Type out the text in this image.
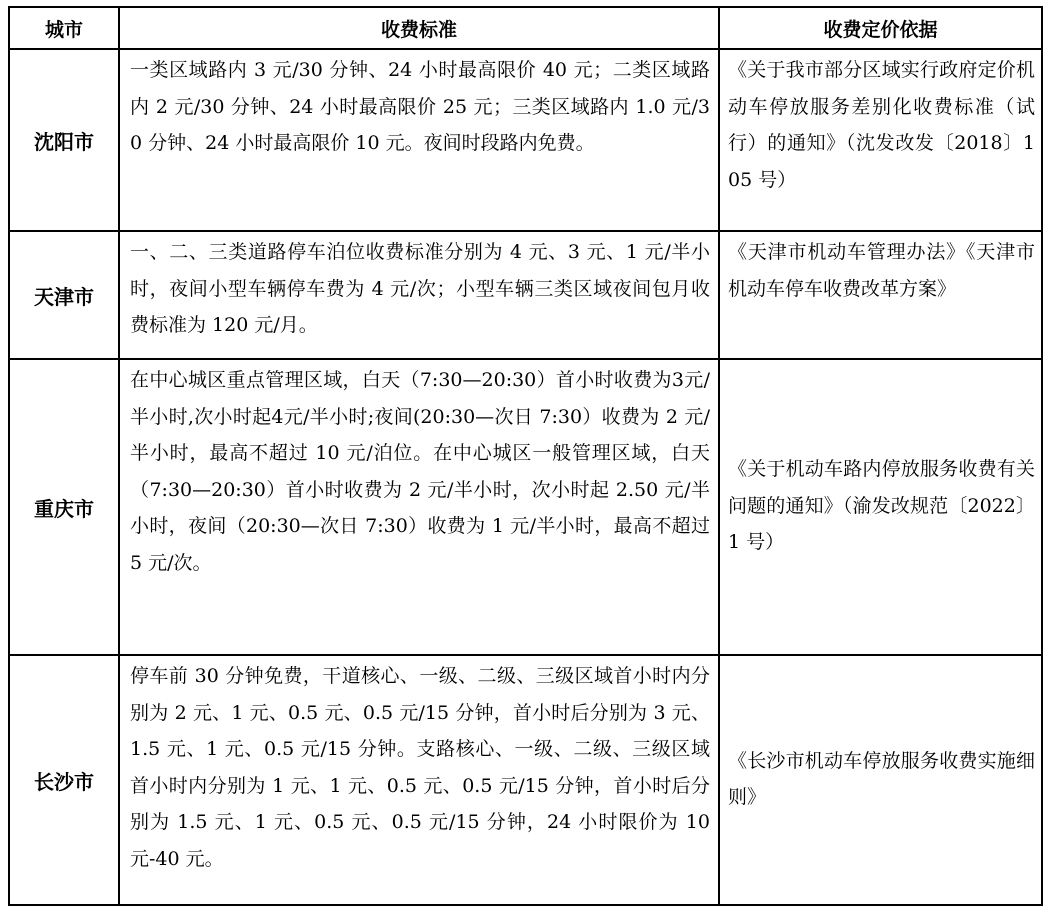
城市	收费标准	收费定价依据
沈阳市	一类区域路内 3 元/30 分钟、24 小时最高限价 40 元；二类区域路内 2 元/30 分钟、24 小时最高限价 25 元；三类区域路内 1.0 元/30 分钟、24 小时最高限价 10 元。夜间时段路内免费。	《关于我市部分区域实行政府定价机动车停放服务差别化收费标准（试行）的通知》（沈发改发〔2018〕105 号）

天津市	一、二、三类道路停车泊位收费标准分别为 4 元、3 元、1 元/半小时，夜间小型车辆停车费为 4 元/次；小型车辆三类区域夜间包月收费标准为 120 元/月。	《天津市机动车管理办法》《天津市机动车停车收费改革方案》

重庆市	在中心城区重点管理区域，白天（7:30—20:30）首小时收费为3元/半小时,次小时起4元/半小时;夜间(20:30—次日 7:30）收费为 2 元/半小时，最高不超过 10 元/泊位。在中心城区一般管理区域，白天（7:30—20:30）首小时收费为 2 元/半小时，次小时起 2.50 元/半小时，夜间（20:30—次日 7:30）收费为 1 元/半小时，最高不超过 5 元/次。	《关于机动车路内停放服务收费有关问题的通知》（渝发改规范〔2022〕1 号）

长沙市	停车前 30 分钟免费，干道核心、一级、二级、三级区域首小时内分别为 2 元、1 元、0.5 元、0.5 元/15 分钟，首小时后分别为 3 元、1.5 元、1 元、0.5 元/15 分钟。支路核心、一级、二级、三级区域首小时内分别为 1 元、1 元、0.5 元、0.5 元/15 分钟，首小时后分别为 1.5 元、1 元、0.5 元、0.5 元/15 分钟，24 小时限价为 10 元-40 元。	《长沙市机动车停放服务收费实施细则》
